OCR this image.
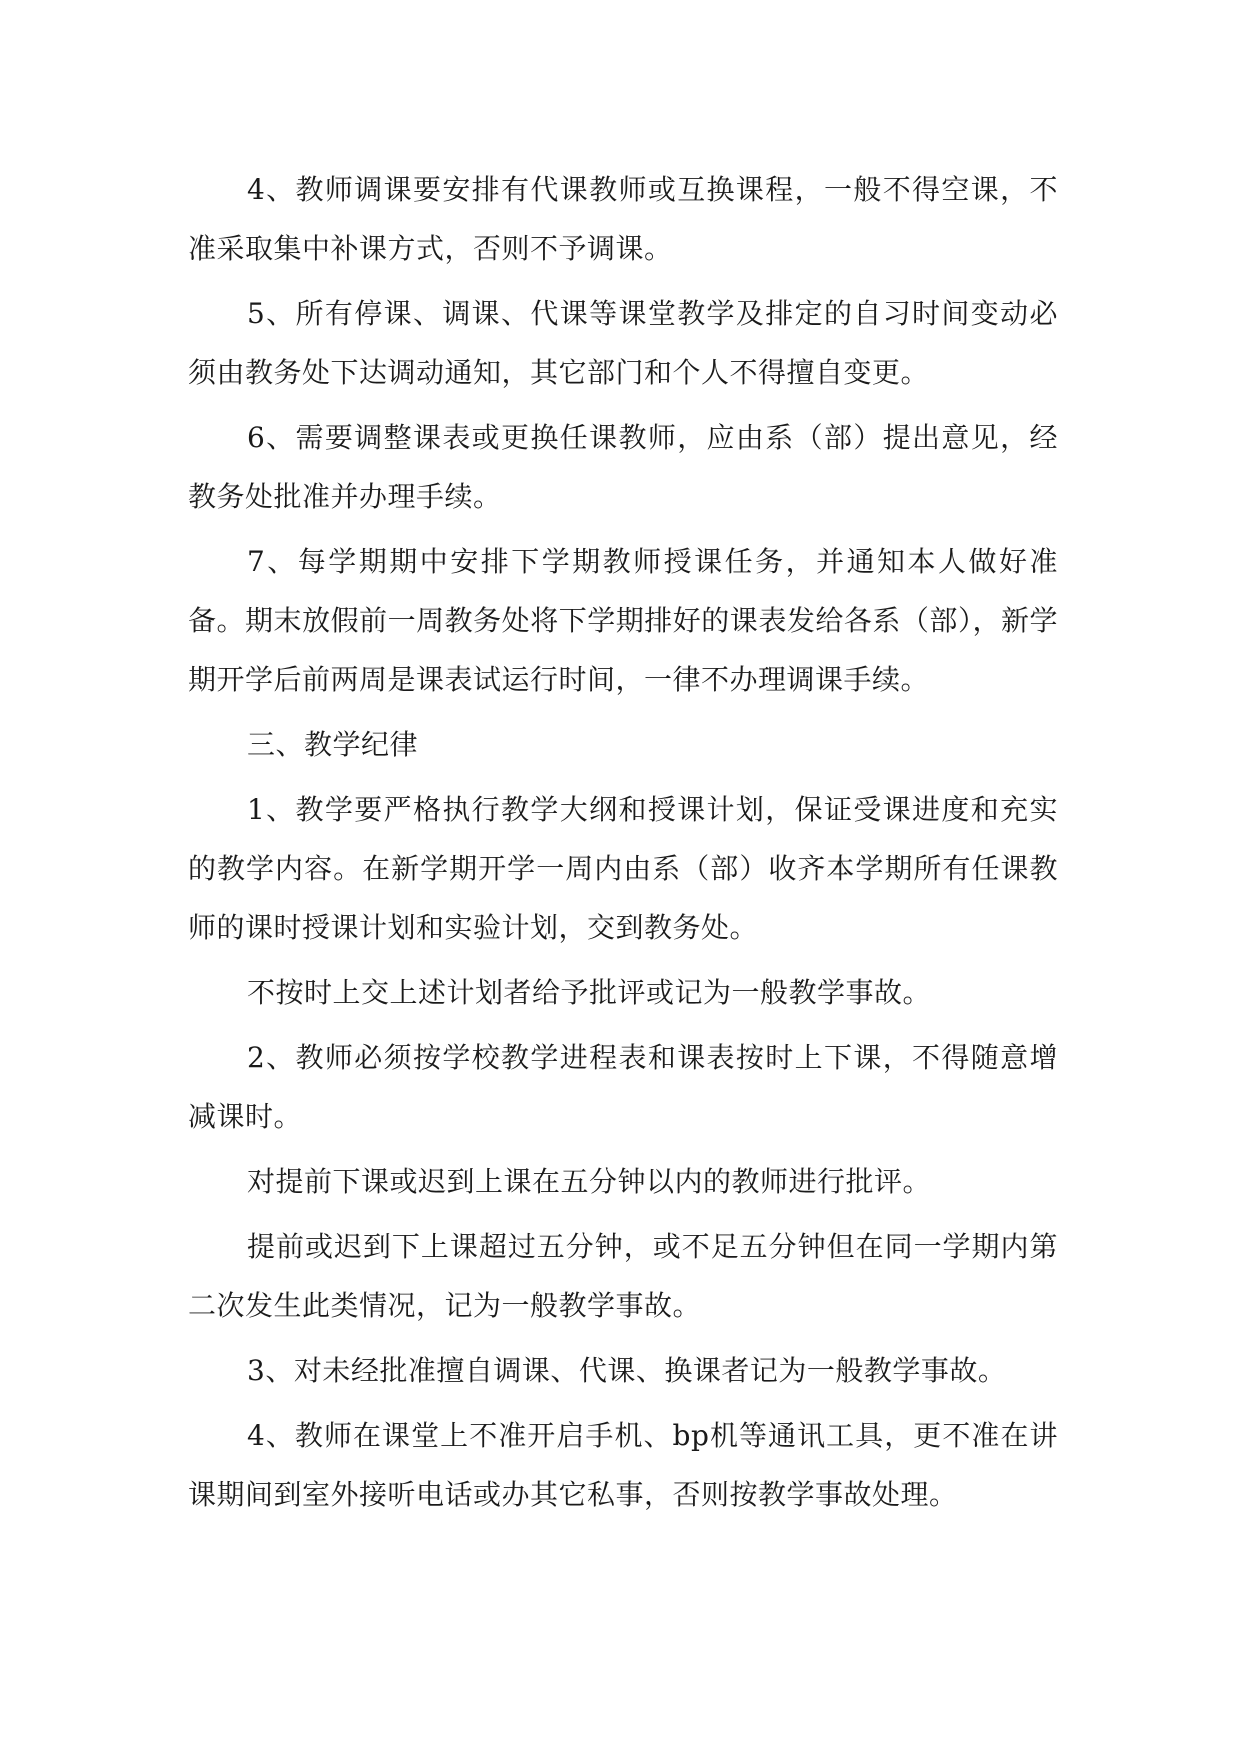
4、教师调课要安排有代课教师或互换课程，一般不得空课，不准采取集中补课方式，否则不予调课。

5、所有停课、调课、代课等课堂教学及排定的自习时间变动必须由教务处下达调动通知，其它部门和个人不得擅自变更。

6、需要调整课表或更换任课教师，应由系（部）提出意见，经教务处批准并办理手续。

7、每学期期中安排下学期教师授课任务，并通知本人做好准备。期末放假前一周教务处将下学期排好的课表发给各系（部），新学期开学后前两周是课表试运行时间，一律不办理调课手续。

三、教学纪律

1、教学要严格执行教学大纲和授课计划，保证受课进度和充实的教学内容。在新学期开学一周内由系（部）收齐本学期所有任课教师的课时授课计划和实验计划，交到教务处。

不按时上交上述计划者给予批评或记为一般教学事故。

2、教师必须按学校教学进程表和课表按时上下课，不得随意增减课时。

对提前下课或迟到上课在五分钟以内的教师进行批评。

提前或迟到下上课超过五分钟，或不足五分钟但在同一学期内第二次发生此类情况，记为一般教学事故。

3、对未经批准擅自调课、代课、换课者记为一般教学事故。

4、教师在课堂上不准开启手机、bp机等通讯工具，更不准在讲课期间到室外接听电话或办其它私事，否则按教学事故处理。
